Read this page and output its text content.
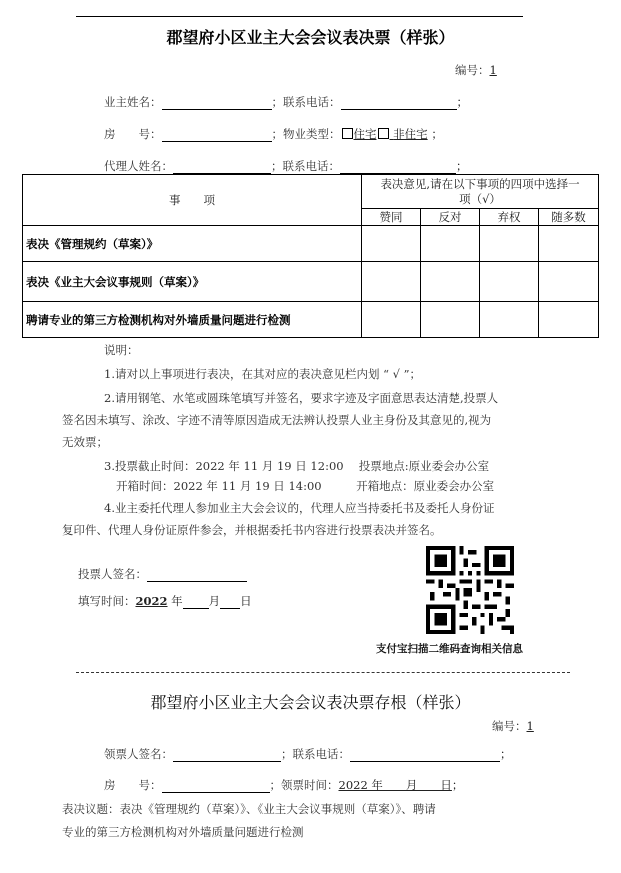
郡望府小区业主大会会议表决票（样张）
编号：1
业主姓名：	；联系电话：	；
房　　号：	；物业类型： 住宅 非住宅 ；
代理人姓名：	；联系电话：	；
事　　项	表决意见,请在以下事项的四项中选择一项（√）			
	赞同	反对	弃权	随多数
表决《管理规约（草案）》				
表决《业主大会议事规则（草案）》				
聘请专业的第三方检测机构对外墙质量问题进行检测				
说明：
1.请对以上事项进行表决，在其对应的表决意见栏内划 “ √ ”；
2.请用钢笔、水笔或圆珠笔填写并签名，要求字迹及字面意思表达清楚,投票人
签名因未填写、涂改、字迹不清等原因造成无法辨认投票人业主身份及其意见的,视为
无效票；
3.投票截止时间：2022 年 11 月 19 日 12:00　 投票地点:原业委会办公室
开箱时间：2022 年 11 月 19 日 14:00　　　开箱地点：原业委会办公室
4.业主委托代理人参加业主大会会议的，代理人应当持委托书及委托人身份证
复印件、代理人身份证原件参会，并根据委托书内容进行投票表决并签名。
投票人签名：
填写时间：2022 年 月 日
支付宝扫描二维码查询相关信息
郡望府小区业主大会会议表决票存根（样张）
编号：1
领票人签名：	；联系电话：	；
房　　号：	；领票时间：2022 年　　月　　日；
表决议题：表决《管理规约（草案）》、《业主大会议事规则（草案）》、聘请
专业的第三方检测机构对外墙质量问题进行检测
